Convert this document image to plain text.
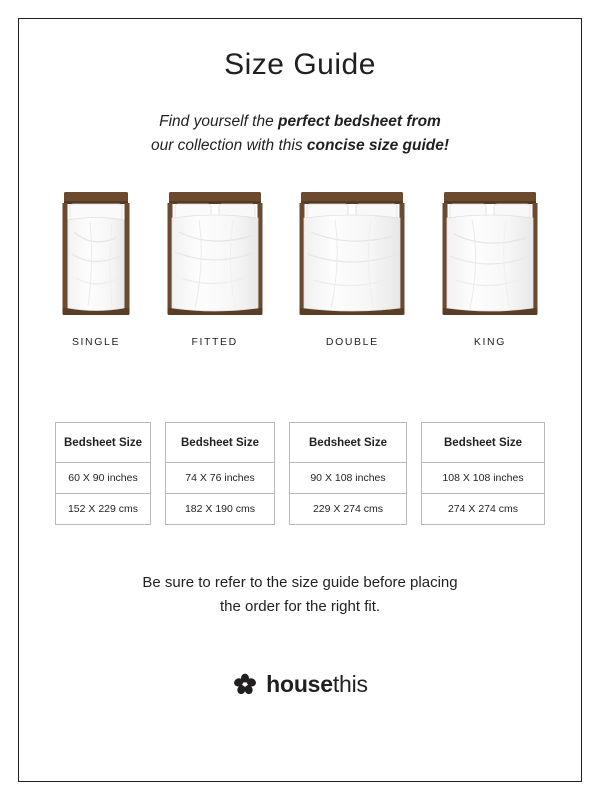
Size Guide
Find yourself the perfect bedsheet from
our collection with this concise size guide!
SINGLE	FITTED	DOUBLE	KING
Bedsheet Size
60 X 90 inches
152 X 229 cms
Bedsheet Size
74 X 76 inches
182 X 190 cms
Bedsheet Size
90 X 108 inches
229 X 274 cms
Bedsheet Size
108 X 108 inches
274 X 274 cms
Be sure to refer to the size guide before placing
the order for the right fit.
housethis
